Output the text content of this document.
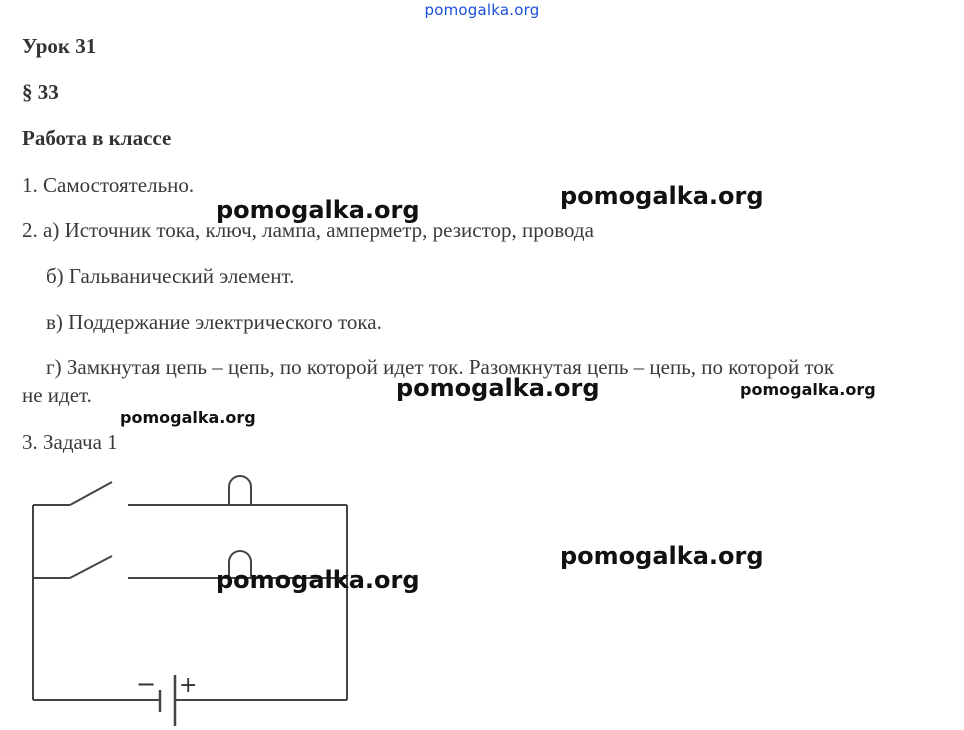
pomogalka.org
Урок 31
§ 33
Работа в классе
1. Самостоятельно.
2. а) Источник тока, ключ, лампа, амперметр, резистор, провода
б) Гальванический элемент.
в) Поддержание электрического тока.
г) Замкнутая цепь – цепь, по которой идет ток. Разомкнутая цепь – цепь, по которой ток
не идет.
3. Задача 1
− +
pomogalka.org	pomogalka.org
pomogalka.org	pomogalka.org
pomogalka.org
pomogalka.org
pomogalka.org
